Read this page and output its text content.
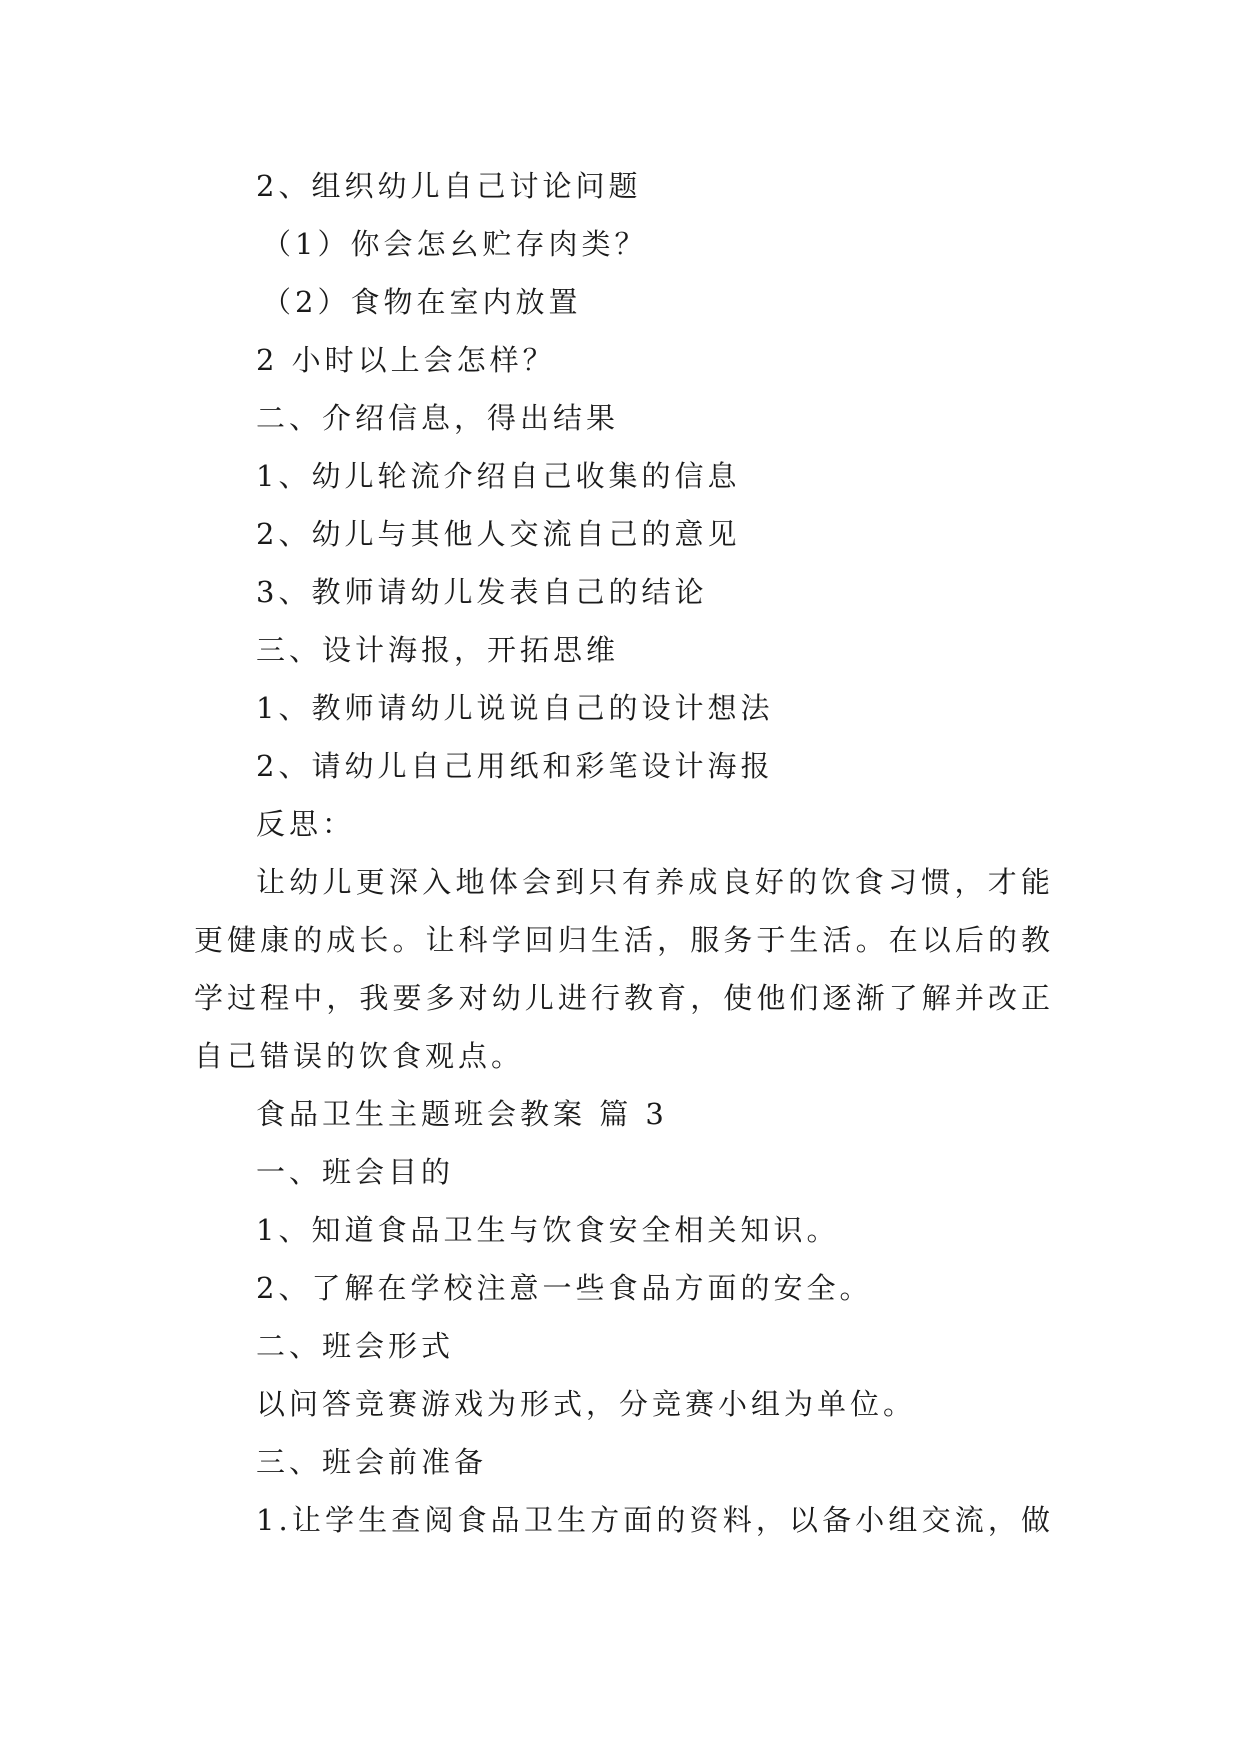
2、组织幼儿自己讨论问题
（1）你会怎幺贮存肉类？
（2）食物在室内放置
2 小时以上会怎样？
二、介绍信息，得出结果
1、幼儿轮流介绍自己收集的信息
2、幼儿与其他人交流自己的意见
3、教师请幼儿发表自己的结论
三、设计海报，开拓思维
1、教师请幼儿说说自己的设计想法
2、请幼儿自己用纸和彩笔设计海报
反思：
让幼儿更深入地体会到只有养成良好的饮食习惯，才能
更健康的成长。让科学回归生活，服务于生活。在以后的教
学过程中，我要多对幼儿进行教育，使他们逐渐了解并改正
自己错误的饮食观点。
食品卫生主题班会教案 篇 3
一、班会目的
1、知道食品卫生与饮食安全相关知识。
2、了解在学校注意一些食品方面的安全。
二、班会形式
以问答竞赛游戏为形式，分竞赛小组为单位。
三、班会前准备
1.让学生查阅食品卫生方面的资料，以备小组交流，做
